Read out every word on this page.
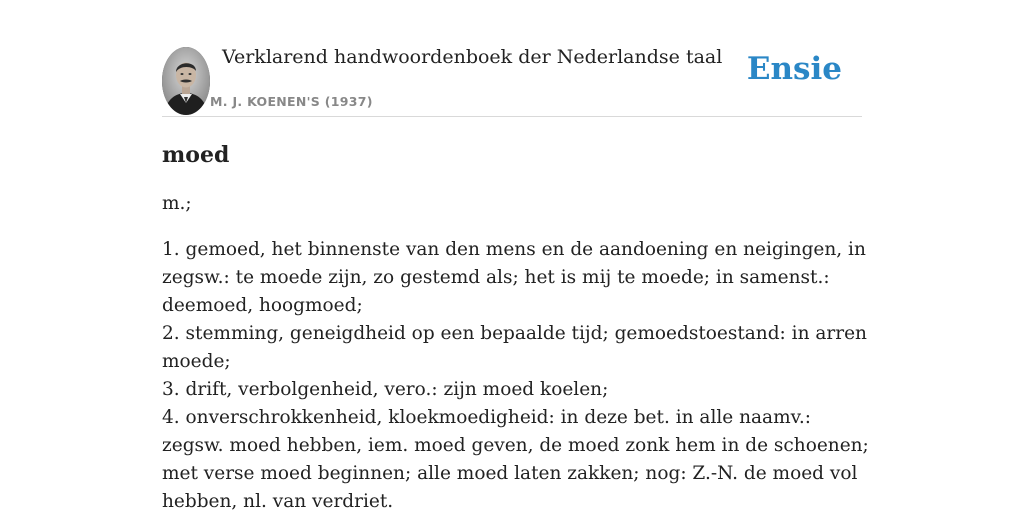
Verklarend handwoordenboek der Nederlandse taal
M. J. KOENEN'S (1937)
Ensie
moed

m.;

1. gemoed, het binnenste van den mens en de aandoening en neigingen, in zegsw.: te moede zijn, zo gestemd als; het is mij te moede; in samenst.: deemoed, hoogmoed;
2. stemming, geneigdheid op een bepaalde tijd; gemoedstoestand: in arren moede;
3. drift, verbolgenheid, vero.: zijn moed koelen;
4. onverschrokkenheid, kloekmoedigheid: in deze bet. in alle naamv.: zegsw. moed hebben, iem. moed geven, de moed zonk hem in de schoenen; met verse moed beginnen; alle moed laten zakken; nog: Z.-N. de moed vol hebben, nl. van verdriet.
